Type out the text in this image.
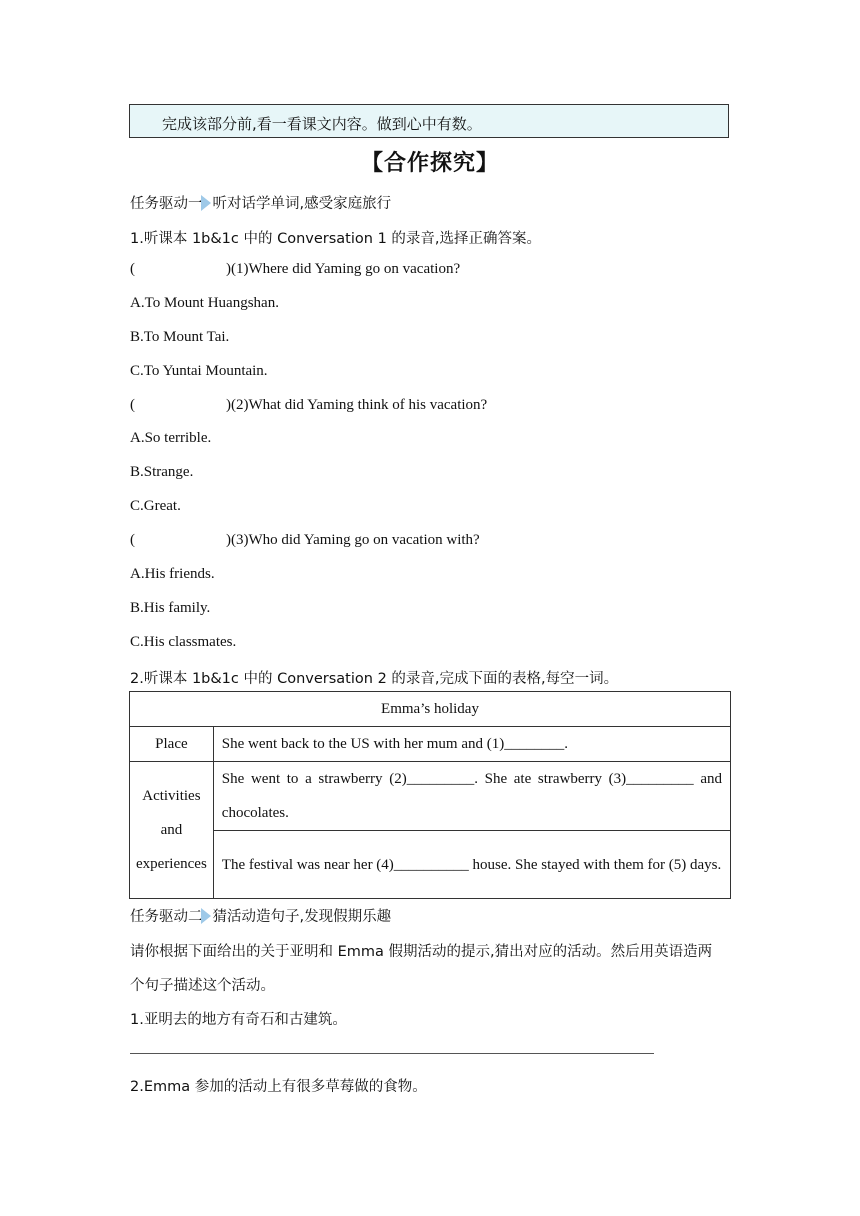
完成该部分前,看一看课文内容。做到心中有数。
【合作探究】
任务驱动一 听对话学单词,感受家庭旅行
1.听课本 1b&1c 中的 Conversation 1 的录音,选择正确答案。
(	)(1)Where did Yaming go on vacation?
A.To Mount Huangshan.
B.To Mount Tai.
C.To Yuntai Mountain.
(	)(2)What did Yaming think of his vacation?
A.So terrible.
B.Strange.
C.Great.
(	)(3)Who did Yaming go on vacation with?
A.His friends.
B.His family.
C.His classmates.
2.听课本 1b&1c 中的 Conversation 2 的录音,完成下面的表格,每空一词。
Emma’s holiday	
Place	She went back to the US with her mum and (1)________.

Activities
and
experiences	She went to a strawberry (2)_________. She ate strawberry (3)_________ and chocolates.
	The festival was near her (4)__________ house. She stayed with them for (5) days.
任务驱动二 猜活动造句子,发现假期乐趣
请你根据下面给出的关于亚明和 Emma 假期活动的提示,猜出对应的活动。然后用英语造两
个句子描述这个活动。
1.亚明去的地方有奇石和古建筑。
2.Emma 参加的活动上有很多草莓做的食物。
